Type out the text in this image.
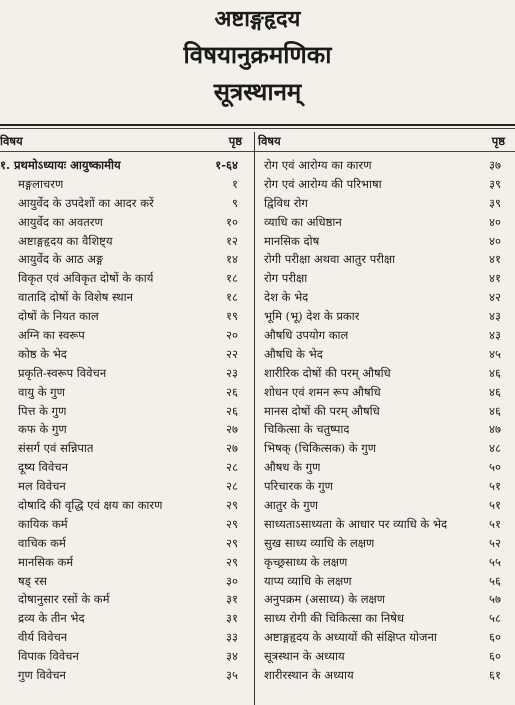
अष्टाङ्गहृदय
विषयानुक्रमणिका
सूत्रस्थानम्
विषय	पृष्ठ	विषय	पृष्ठ
१. प्रथमोऽध्यायः आयुष्कामीय	१-६४
मङ्गलाचरण	१
आयुर्वेद के उपदेशों का आदर करें	९
आयुर्वेद का अवतरण	१०
अष्टाङ्गहृदय का वैशिष्ट्य	१२
आयुर्वेद के आठ अङ्ग	१४
विकृत एवं अविकृत दोषों के कार्य	१८
वातादि दोषों के विशेष स्थान	१८
दोषों के नियत काल	१९
अग्नि का स्वरूप	२०
कोष्ठ के भेद	२२
प्रकृति-स्वरूप विवेचन	२३
वायु के गुण	२६
पित्त के गुण	२६
कफ के गुण	२७
संसर्ग एवं सन्निपात	२७
दूष्य विवेचन	२८
मल विवेचन	२८
दोषादि की वृद्धि एवं क्षय का कारण	२९
कायिक कर्म	२९
वाचिक कर्म	२९
मानसिक कर्म	२९
षड् रस	३०
दोषानुसार रसों के कर्म	३१
द्रव्य के तीन भेद	३१
वीर्य विवेचन	३३
विपाक विवेचन	३४
गुण विवेचन	३५
रोग एवं आरोग्य का कारण	३७
रोग एवं आरोग्य की परिभाषा	३९
द्विविध रोग	३९
व्याधि का अधिष्ठान	४०
मानसिक दोष	४०
रोगी परीक्षा अथवा आतुर परीक्षा	४१
रोग परीक्षा	४१
देश के भेद	४२
भूमि (भू) देश के प्रकार	४३
औषधि उपयोग काल	४३
औषधि के भेद	४५
शारीरिक दोषों की परम् औषधि	४६
शोधन एवं शमन रूप औषधि	४६
मानस दोषों की परम् औषधि	४६
चिकित्सा के चतुष्पाद	४७
भिषक् (चिकित्सक) के गुण	४८
औषध के गुण	५०
परिचारक के गुण	५१
आतुर के गुण	५१
साध्यताऽसाध्यता के आधार पर व्याधि के भेद	५१
सुख साध्य व्याधि के लक्षण	५२
कृच्छ्रसाध्य के लक्षण	५५
याप्य व्याधि के लक्षण	५६
अनुपक्रम (असाध्य) के लक्षण	५७
साध्य रोगी की चिकित्सा का निषेध	५८
अष्टाङ्गहृदय के अध्यायों की संक्षिप्त योजना	६०
सूत्रस्थान के अध्याय	६०
शारीरस्थान के अध्याय	६१
